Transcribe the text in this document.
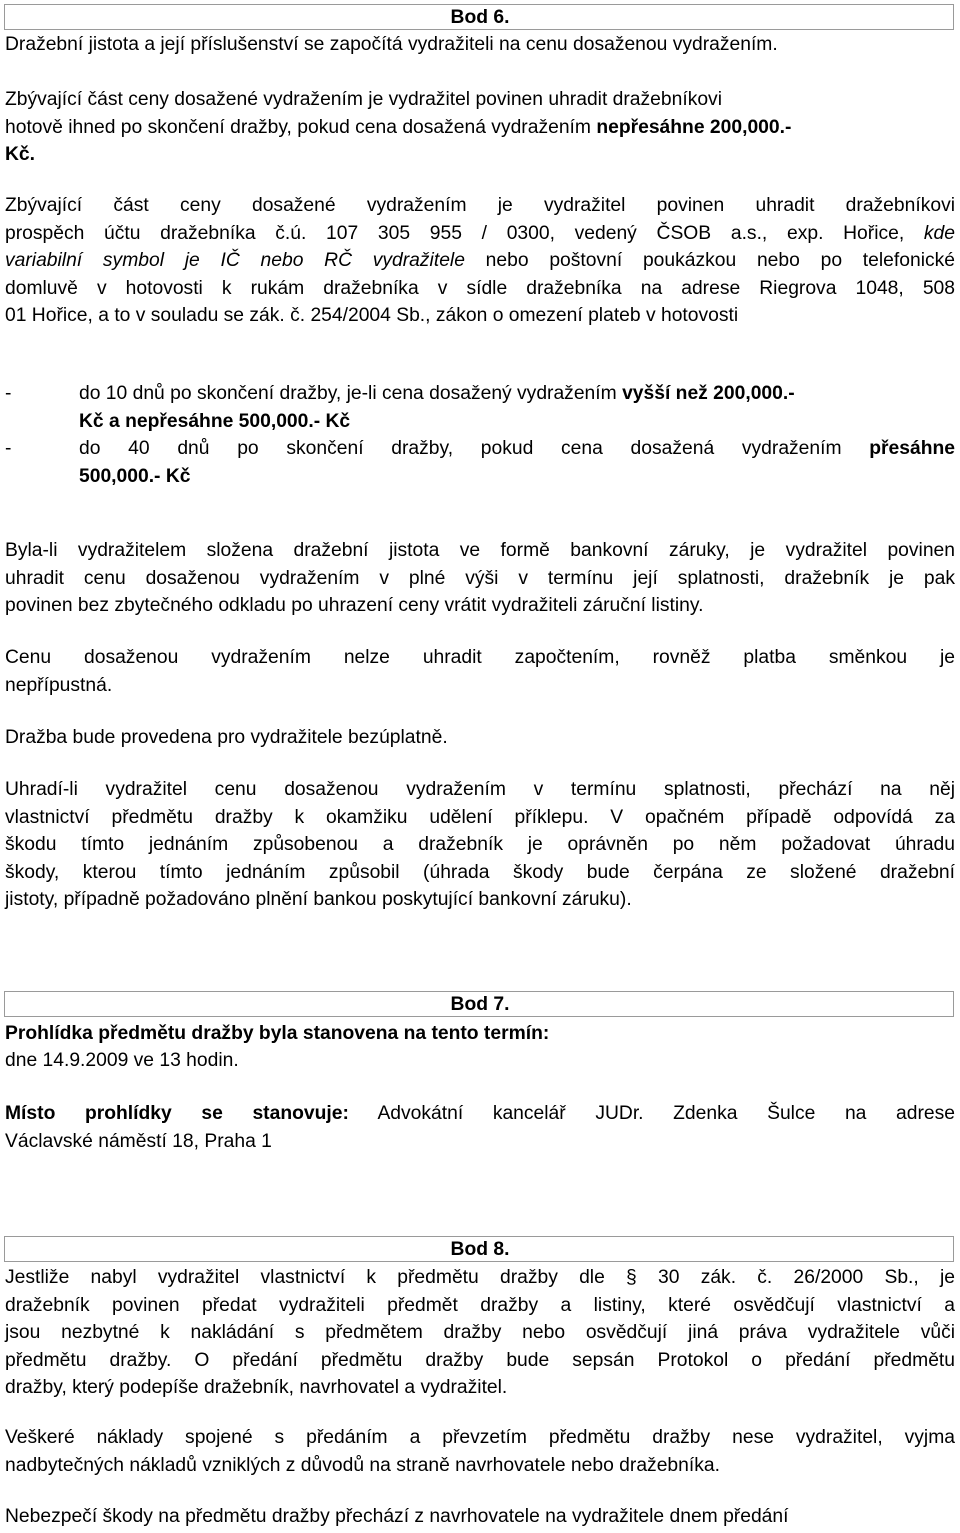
Bod 6.
Dražební jistota a její příslušenství se započítá vydražiteli na cenu dosaženou vydražením.
Zbývající část ceny dosažené vydražením je vydražitel povinen uhradit dražebníkovi
hotově ihned po skončení dražby, pokud cena dosažená vydražením nepřesáhne 200,000.-
Kč.
Zbývající část ceny dosažené vydražením je vydražitel povinen uhradit dražebníkovi
prospěch účtu dražebníka č.ú. 107 305 955 / 0300, vedený ČSOB a.s., exp. Hořice, kde
variabilní symbol je IČ nebo RČ vydražitele nebo poštovní poukázkou nebo po telefonické
domluvě v hotovosti k rukám dražebníka v sídle dražebníka na adrese Riegrova 1048, 508
01 Hořice, a to v souladu se zák. č. 254/2004 Sb., zákon o omezení plateb v hotovosti
-	do 10 dnů po skončení dražby, je-li cena dosažený vydražením vyšší než 200,000.-
Kč a nepřesáhne 500,000.- Kč
-	do 40 dnů po skončení dražby, pokud cena dosažená vydražením přesáhne
500,000.- Kč
Byla-li vydražitelem složena dražební jistota ve formě bankovní záruky, je vydražitel povinen
uhradit cenu dosaženou vydražením v plné výši v termínu její splatnosti, dražebník je pak
povinen bez zbytečného odkladu po uhrazení ceny vrátit vydražiteli záruční listiny.
Cenu dosaženou vydražením nelze uhradit započtením, rovněž platba směnkou je
nepřípustná.
Dražba bude provedena pro vydražitele bezúplatně.
Uhradí-li vydražitel cenu dosaženou vydražením v termínu splatnosti, přechází na něj
vlastnictví předmětu dražby k okamžiku udělení příklepu. V opačném případě odpovídá za
škodu tímto jednáním způsobenou a dražebník je oprávněn po něm požadovat úhradu
škody, kterou tímto jednáním způsobil (úhrada škody bude čerpána ze složené dražební
jistoty, případně požadováno plnění bankou poskytující bankovní záruku).
Bod 7.
Prohlídka předmětu dražby byla stanovena na tento termín:
dne 14.9.2009 ve 13 hodin.
Místo prohlídky se stanovuje: Advokátní kancelář JUDr. Zdenka Šulce na adrese
Václavské náměstí 18, Praha 1
Bod 8.
Jestliže nabyl vydražitel vlastnictví k předmětu dražby dle § 30 zák. č. 26/2000 Sb., je
dražebník povinen předat vydražiteli předmět dražby a listiny, které osvědčují vlastnictví a
jsou nezbytné k nakládání s předmětem dražby nebo osvědčují jiná práva vydražitele vůči
předmětu dražby. O předání předmětu dražby bude sepsán Protokol o předání předmětu
dražby, který podepíše dražebník, navrhovatel a vydražitel.
Veškeré náklady spojené s předáním a převzetím předmětu dražby nese vydražitel, vyjma
nadbytečných nákladů vzniklých z důvodů na straně navrhovatele nebo dražebníka.
Nebezpečí škody na předmětu dražby přechází z navrhovatele na vydražitele dnem předání
